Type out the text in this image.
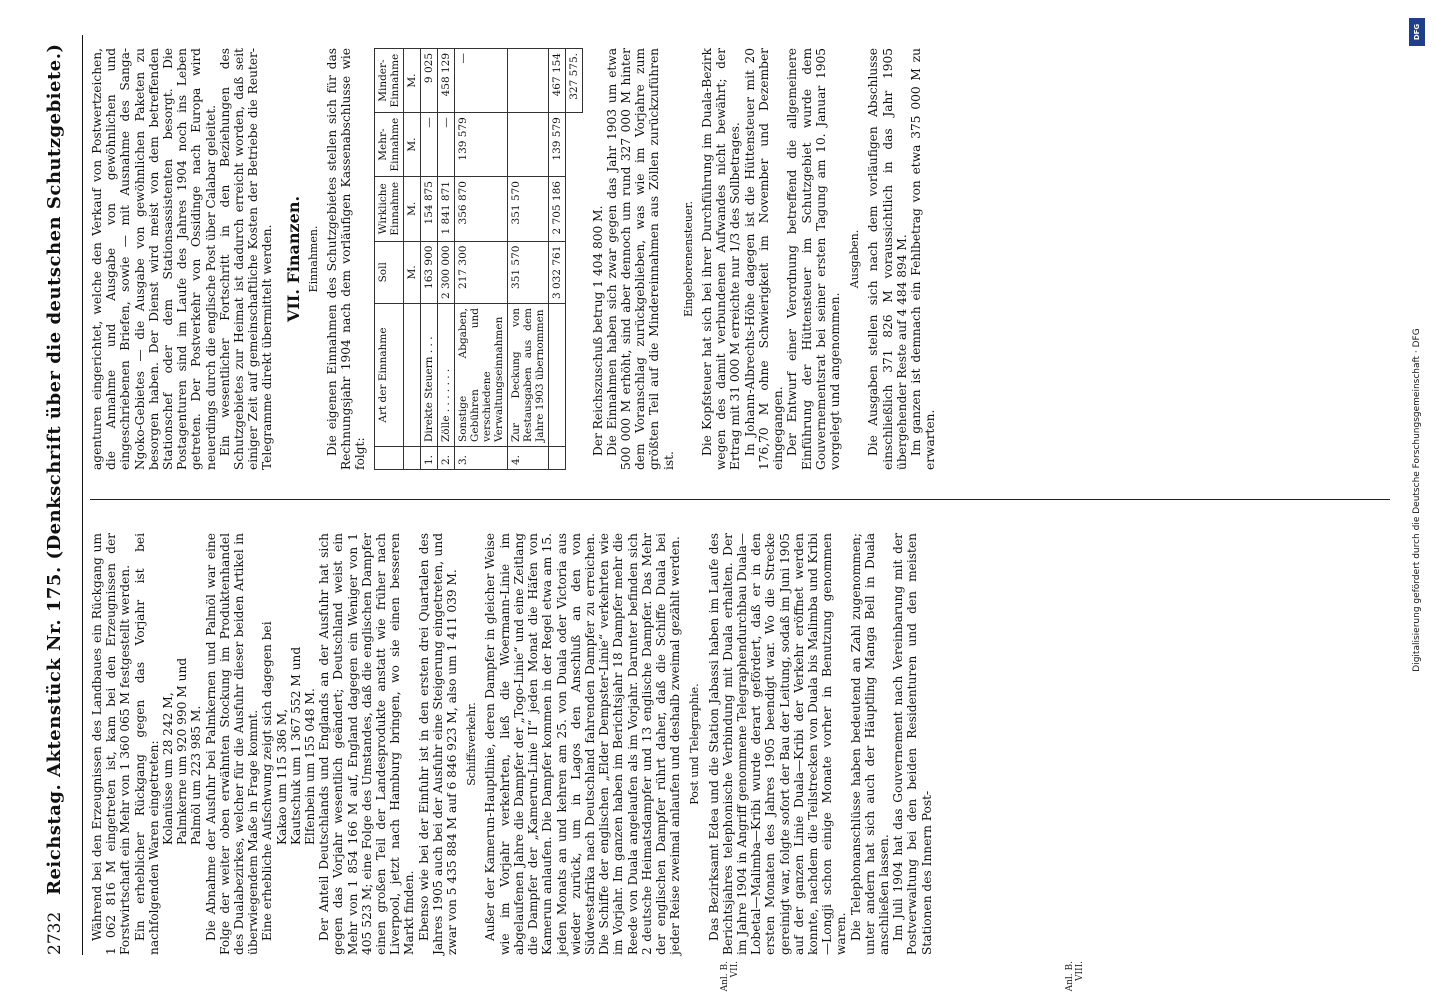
2732
Reichstag. Aktenstück Nr. 175. (Denkschrift über die deutschen Schutzgebiete.) Während bei den Erzeugnissen des Landbaues ein Rückgang um 1 062 816 M eingetreten ist, kam bei den Erzeugnissen der Forstwirtschaft ein Mehr von 1 360 065 M festgestellt werden. Ein erheblicher Rückgang gegen das Vorjahr ist bei nachfolgenden Waren eingetreten: Kolanüsse um 28 242 M, Palmkerne um 920 990 M und Palmöl um 223 985 M. Die Abnahme der Ausfuhr bei Palmkernen und Palmöl war eine Folge der weiter oben erwähnten Stockung im Produktenhandel des Dualabezirkes, welcher für die Ausfuhr dieser beiden Artikel in überwiegendem Maße in Frage kommt. Eine erhebliche Aufschwung zeigt sich dagegen bei Kakao um 115 386 M, Kautschuk um 1 367 552 M und Elfenbein um 155 048 M. Der Anteil Deutschlands und Englands an der Ausfuhr hat sich gegen das Vorjahr wesentlich geändert; Deutschland weist ein Mehr von 1 854 166 M auf, England dagegen ein Weniger von 1 405 523 M; eine Folge des Umstandes, daß die englischen Dampfer einen großen Teil der Landesprodukte anstatt wie früher nach Liverpool, jetzt nach Hamburg bringen, wo sie einen besseren Markt finden. Ebenso wie bei der Einfuhr ist in den ersten drei Quartalen des Jahres 1905 auch bei der Ausfuhr eine Steigerung eingetreten, und zwar von 5 435 884 M auf 6 846 923 M, also um 1 411 039 M. Schiffsverkehr. Außer der Kamerun-Hauptlinie, deren Dampfer in gleicher Weise wie im Vorjahr verkehrten, ließ die Woermann-Linie im abgelaufenen Jahre die Dampfer der „Togo-Linie“ und eine Zeitlang die Dampfer der „Kamerun-Linie II“ jeden Monat die Häfen von Kamerun anlaufen. Die Dampfer kommen in der Regel etwa am 15. jeden Monats an und kehren am 25. von Duala oder Victoria aus wieder zurück, um in Lagos den Anschluß an den von Südwestafrika nach Deutschland fahrenden Dampfer zu erreichen. Die Schiffe der englischen „Elder Dempster-Linie“ verkehrten wie im Vorjahr. Im ganzen haben im Berichtsjahr 18 Dampfer mehr die Reede von Duala angelaufen als im Vorjahr. Darunter befinden sich 2 deutsche Heimatsdampfer und 13 englische Dampfer. Das Mehr der englischen Dampfer rührt daher, daß die Schiffe Duala bei jeder Reise zweimal anlaufen und deshalb zweimal gezählt werden. Post und Telegraphie. Das Bezirksamt Edea und die Station Jabassi haben im Laufe des Berichtsjahres telephonische Verbindung mit Duala erhalten. Der im Jahre 1904 in Angriff genommene Telegraphendurchbau Duala—Lobetal—Malimba—Kribi wurde derart gefördert, daß er in den ersten Monaten des Jahres 1905 beendigt war. Wo die Strecke gereinigt war, folgte sofort der Bau der Leitung, sodaß im Juni 1905 auf der ganzen Linie Duala—Kribi der Verkehr eröffnet werden konnte, nachdem die Teilstrecken von Duala bis Malimba und Kribi—Longji schon einige Monate vorher in Benutzung genommen waren. Die Telephonanschlüsse haben bedeutend an Zahl zugenommen; unter andern hat sich auch der Häuptling Manga Bell in Duala anschließen lassen. Im Juli 1904 hat das Gouvernement nach Vereinbarung mit der Postverwaltung bei den beiden Residenturen und den meisten Stationen des Innern Post-

Anl. B. VII.	Anl. B. VIII.

agenturen eingerichtet, welche den Verkauf von Postwertzeichen, die Annahme und Ausgabe von gewöhnlichen und eingeschriebenen Briefen, sowie — mit Ausnahme des Sanga-Ngoko-Gebietes — die Ausgabe von gewöhnlichen Paketen zu besorgen haben. Der Dienst wird meist von dem betreffenden Stationschef oder dem Stationsassistenten besorgt. Die Postagenturen sind im Laufe des Jahres 1904 noch ins Leben getreten. Der Postverkehr von Ossidinge nach Europa wird neuerdings durch die englische Post über Calabar geleitet. Ein wesentlicher Fortschritt in den Beziehungen des Schutzgebietes zur Heimat ist dadurch erreicht worden, daß seit einiger Zeit auf gemeinschaftliche Kosten der Betriebe die Reuter-Telegramme direkt übermittelt werden. VII. Finanzen. Einnahmen. Die eigenen Einnahmen des Schutzgebietes stellen sich für das Rechnungsjahr 1904 nach dem vorläufigen Kassenabschlusse wie folgt:

	Art der Einnahme	Soll	Wirkliche Einnahme	Mehr-Einnahme	Minder-Einnahme
		M.	M.	M.	M.
1.	Direkte Steuern . . .	163 900	154 875	—	9 025
2.	Zölle . . . . . . .	2 300 000	1 841 871	—	458 129
3.	Sonstige Abgaben, Gebühren und verschiedene Verwaltungseinnahmen	217 300	356 870	139 579	—
4.	Zur Deckung von Restausgaben aus dem Jahre 1903 übernommen	351 570	351 570		
		3 032 761	2 705 186	139 579	467 154
					327 575.

Der Reichszuschuß betrug 1 404 800 M. Die Einnahmen haben sich zwar gegen das Jahr 1903 um etwa 500 000 M erhöht, sind aber dennoch um rund 327 000 M hinter dem Voranschlag zurückgeblieben, was wie im Vorjahre zum größten Teil auf die Mindereinnahmen aus Zöllen zurückzuführen ist.

Eingeborenensteuer. Die Kopfsteuer hat sich bei ihrer Durchführung im Duala-Bezirk wegen des damit verbundenen Aufwandes nicht bewährt; der Ertrag mit 31 000 M erreichte nur 1/3 des Sollbetrages. In Johann-Albrechts-Höhe dagegen ist die Hüttensteuer mit 20 176,70 M ohne Schwierigkeit im November und Dezember eingegangen. Der Entwurf einer Verordnung betreffend die allgemeinere Einführung der Hüttensteuer im Schutzgebiet wurde dem Gouvernementsrat bei seiner ersten Tagung am 10. Januar 1905 vorgelegt und angenommen.

Ausgaben. Die Ausgaben stellen sich nach dem vorläufigen Abschlusse einschließlich 371 826 M voraussichtlich in das Jahr 1905 übergehender Reste auf 4 484 894 M. Im ganzen ist demnach ein Fehlbetrag von etwa 375 000 M zu erwarten.

DFG
Digitalisierung gefördert durch die Deutsche Forschungsgemeinschaft · DFG
